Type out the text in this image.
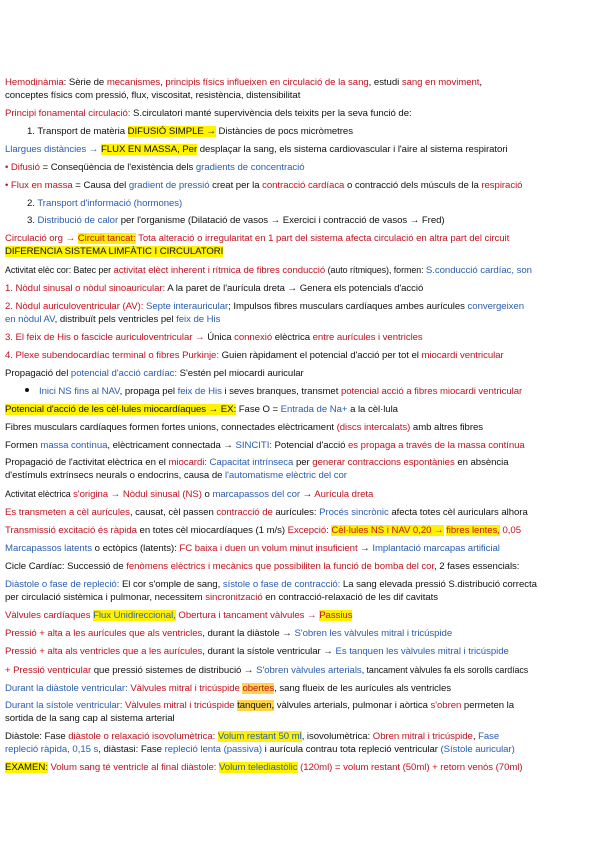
Hemodinàmia: Sèrie de mecanismes, principis físics influeixen en circulació de la sang, estudi sang en moviment,
conceptes físics com pressió, flux, viscositat, resistència, distensibilitat
Principi fonamental circulació: S.circulatori manté supervivència dels teixits per la seva funció de:
1. Transport de matèria DIFUSIÓ SIMPLE → Distàncies de pocs micròmetres
Llargues distàncies → FLUX EN MASSA, Per desplaçar la sang, els sistema cardiovascular i l'aire al sistema respiratori
• Difusió = Conseqüència de l'existència dels gradients de concentració
• Flux en massa = Causa del gradient de pressió creat per la contracció cardíaca o contracció dels músculs de la respiració
2. Transport d'informació (hormones)
3. Distribució de calor per l'organisme (Dilatació de vasos → Exercici i contracció de vasos → Fred)
Circulació org → Circuit tancat: Tota alteració o irregularitat en 1 part del sistema afecta circulació en altra part del circuit
DIFERENCIA SISTEMA LIMFÀTIC I CIRCULATORI
Activitat elèc cor: Batec per activitat elèct inherent i rítmica de fibres conducció (auto rítmiques), formen: S.conducció cardíac, son
1. Nòdul sinusal o nòdul sinoauricular: A la paret de l'aurícula dreta → Genera els potencials d'acció
2. Nòdul auriculoventricular (AV): Septe interauricular; Impulsos fibres musculars cardíaques ambes aurícules convergeixen
en nòdul AV, distribuït pels ventricles pel feix de His
3. El feix de His o fascicle auriculoventricular → Única connexió elèctrica entre aurícules i ventricles
4. Plexe subendocardíac terminal o fibres Purkinje: Guien ràpidament el potencial d'acció per tot el miocardi ventricular
Propagació del potencial d'acció cardíac: S'estén pel miocardi auricular
Inici NS fins al NAV, propaga pel feix de His i seves branques, transmet potencial acció a fibres miocardi ventricular
Potencial d'acció de les cèl·lules miocardíaques → EX: Fase O = Entrada de Na+ a la cèl·lula
Fibres musculars cardíaques formen fortes unions, connectades elèctricament (discs intercalats) amb altres fibres
Formen massa contínua, elèctricament connectada → SINCITI: Potencial d'acció es propaga a través de la massa contínua
Propagació de l'activitat elèctrica en el miocardi: Capacitat intrínseca per generar contraccions espontànies en absència
d'estímuls extrínsecs neurals o endocrins, causa de l'automatisme elèctric del cor
Activitat elèctrica s'origina → Nòdul sinusal (NS) o marcapassos del cor → Aurícula dreta
Es transmeten a cèl aurícules, causat, cèl passen contracció de aurícules: Procés sincrònic afecta totes cèl auriculars alhora
Transmissió excitació és ràpida en totes cèl miocardíaques (1 m/s) Excepció: Cèl·lules NS i NAV 0,20 → fibres lentes, 0,05
Marcapassos latents o ectòpics (latents): FC baixa i duen un volum minut insuficient → Implantació marcapas artificial
Cicle Cardíac: Successió de fenòmens elèctrics i mecànics que possibiliten la funció de bomba del cor, 2 fases essencials:
Diàstole o fase de repleció: El cor s'omple de sang, sístole o fase de contracció: La sang elevada pressió S.distribució correcta
per circulació sistèmica i pulmonar, necessitem sincronització en contracció-relaxació de les dif cavitats
Vàlvules cardíaques Flux Unidireccional, Obertura i tancament vàlvules → Passius
Pressió + alta a les aurícules que als ventricles, durant la diàstole → S'obren les vàlvules mitral i tricúspide
Pressió + alta als ventricles que a les aurícules, durant la sístole ventricular → Es tanquen les vàlvules mitral i tricúspide
+ Pressió ventricular que pressió sistemes de distribució → S'obren vàlvules arterials, tancament vàlvules fa els sorolls cardíacs
Durant la diàstole ventricular: Vàlvules mitral i tricúspide obertes, sang flueix de les aurícules als ventricles
Durant la sístole ventricular: Vàlvules mitral i tricúspide tanquen, vàlvules arterials, pulmonar i aòrtica s'obren permeten la
sortida de la sang cap al sistema arterial
Diàstole: Fase diàstole o relaxació isovolumètrica: Volum restant 50 ml, isovolumètrica: Obren mitral i tricúspide, Fase
repleció ràpida, 0,15 s, diàstasi: Fase repleció lenta (passiva) i aurícula contrau tota repleció ventricular (Sístole auricular)
EXAMEN: Volum sang té ventricle al final diàstole: Volum telediastòlic (120ml) = volum restant (50ml) + retorn venós (70ml)
